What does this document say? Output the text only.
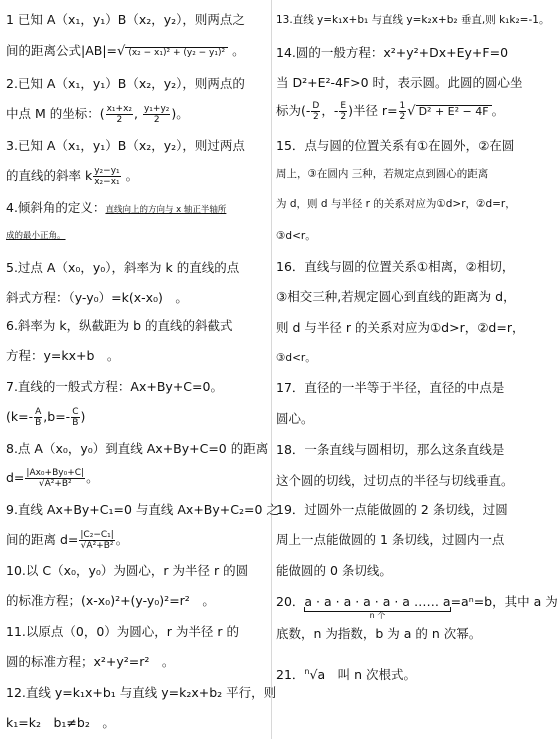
1 已知 A（x₁，y₁）B（x₂，y₂），则两点之
间的距离公式|AB|=√ (x₂ − x₁)² + (y₂ − y₁)² 。
2.已知 A（x₁，y₁）B（x₂，y₂），则两点的
中点 M 的坐标：( $\frac{\text{x₁+x₂}}{2}$ , $\frac{\text{y₁+y₂}}{2}$ )。
3.已知 A（x₁，y₁）B（x₂，y₂），则过两点
的直线的斜率 k $\frac{\text{y₂−y₁}}{\text{x₂−x₁}}$ 。
4.倾斜角的定义：直线向上的方向与 x 轴正半轴所
成的最小正角。
5.过点 A（x₀，y₀），斜率为 k 的直线的点
斜式方程：（y-y₀）=k(x-x₀)　。
6.斜率为 k，纵截距为 b 的直线的斜截式
方程：y=kx+b　。
7.直线的一般式方程：Ax+By+C=0。
($k=- \frac{A}{B} ,b=- \frac{C}{B}$ )
8.点 A（x₀，y₀）到直线 Ax+By+C=0 的距离
$d= \frac{\text{|Ax₀+By₀+C|}}{\text{√A²+B²}}$ 。
9.直线 Ax+By+C₁=0 与直线 Ax+By+C₂=0 之
间的距离 $d= \frac{\text{|C₂−C₁|}}{\text{√A²+B²}}$ 。
10.以 C（x₀，y₀）为圆心，r 为半径 r 的圆
的标准方程；(x-x₀)²+(y-y₀)²=r²　。
11.以原点（0，0）为圆心，r 为半径 r 的
圆的标准方程；x²+y²=r²　。
12.直线 y=k₁x+b₁ 与直线 y=k₂x+b₂ 平行，则
k₁=k₂　b₁≠b₂　。
13.直线 y=k₁x+b₁ 与直线 y=k₂x+b₂ 垂直,则 k₁k₂=-1。
14.圆的一般方程：x²+y²+Dx+Ey+F=0
当 D²+E²-4F>0 时，表示圆。此圆的圆心坐
标为(- $\frac{D}{2}$ ，- $\frac{E}{2}$ )半径 $r= \frac{1}{2}$ √ D² + E² − 4F 。
15．点与圆的位置关系有①在圆外，②在圆
周上，③在圆内 三种，若规定点到圆心的距离
为 d，则 d 与半径 r 的关系对应为①d>r，②d=r，
③d<r。
16．直线与圆的位置关系①相离，②相切，
③相交三种,若规定圆心到直线的距离为 d，
则 d 与半径 r 的关系对应为①d>r，②d=r，
③d<r。
17．直径的一半等于半径，直径的中点是
圆心。
18．一条直线与圆相切，那么这条直线是
这个圆的切线，过切点的半径与切线垂直。
19．过圆外一点能做圆的 2 条切线，过圆
周上一点能做圆的 1 条切线，过圆内一点
能做圆的 0 条切线。
20．a · a · a · a · a · a …… a
n 个
=aⁿ=b，其中 a 为
底数，n 为指数，b 为 a 的 n 次幂。
21．$^n$√a　叫 n 次根式。
